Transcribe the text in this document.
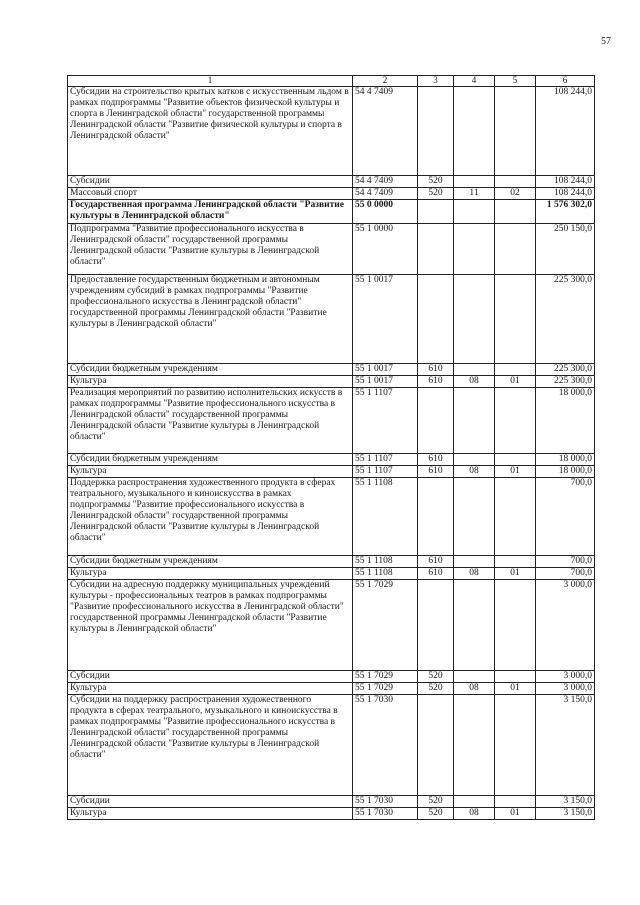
57
1	2	3	4	5	6
Субсидии на строительство крытых катков с искусственным льдом в рамках подпрограммы "Развитие объектов физической культуры и спорта в Ленинградской области" государственной программы Ленинградской области "Развитие физической культуры и спорта в Ленинградской области"	54 4 7409				108 244,0
Субсидии	54 4 7409	520			108 244,0
Массовый спорт	54 4 7409	520	11	02	108 244,0
Государственная программа Ленинградской области "Развитие культуры в Ленинградской области"	55 0 0000				1 576 302,0
Подпрограмма "Развитие профессионального искусства в Ленинградской области" государственной программы Ленинградской области "Развитие культуры в Ленинградской области"	55 1 0000				250 150,0
Предоставление государственным бюджетным и автономным учреждениям субсидий в рамках подпрограммы "Развитие профессионального искусства в Ленинградской области" государственной программы Ленинградской области "Развитие культуры в Ленинградской области"	55 1 0017				225 300,0
Субсидии бюджетным учреждениям	55 1 0017	610			225 300,0
Культура	55 1 0017	610	08	01	225 300,0
Реализация мероприятий по развитию исполнительских искусств в рамках подпрограммы "Развитие профессионального искусства в Ленинградской области" государственной программы Ленинградской области "Развитие культуры в Ленинградской области"	55 1 1107				18 000,0
Субсидии бюджетным учреждениям	55 1 1107	610			18 000,0
Культура	55 1 1107	610	08	01	18 000,0
Поддержка распространения художественного продукта в сферах театрального, музыкального и киноискусства в рамках подпрограммы "Развитие профессионального искусства в Ленинградской области" государственной программы Ленинградской области "Развитие культуры в Ленинградской области"	55 1 1108				700,0
Субсидии бюджетным учреждениям	55 1 1108	610			700,0
Культура	55 1 1108	610	08	01	700,0
Субсидии на адресную поддержку муниципальных учреждений культуры - профессиональных театров в рамках подпрограммы "Развитие профессионального искусства в Ленинградской области" государственной программы Ленинградской области "Развитие культуры в Ленинградской области"	55 1 7029				3 000,0
Субсидии	55 1 7029	520			3 000,0
Культура	55 1 7029	520	08	01	3 000,0
Субсидии на поддержку распространения художественного продукта в сферах театрального, музыкального и киноискусства в рамках подпрограммы "Развитие профессионального искусства в Ленинградской области" государственной программы Ленинградской области "Развитие культуры в Ленинградской области"	55 1 7030				3 150,0
Субсидии	55 1 7030	520			3 150,0
Культура	55 1 7030	520	08	01	3 150,0
